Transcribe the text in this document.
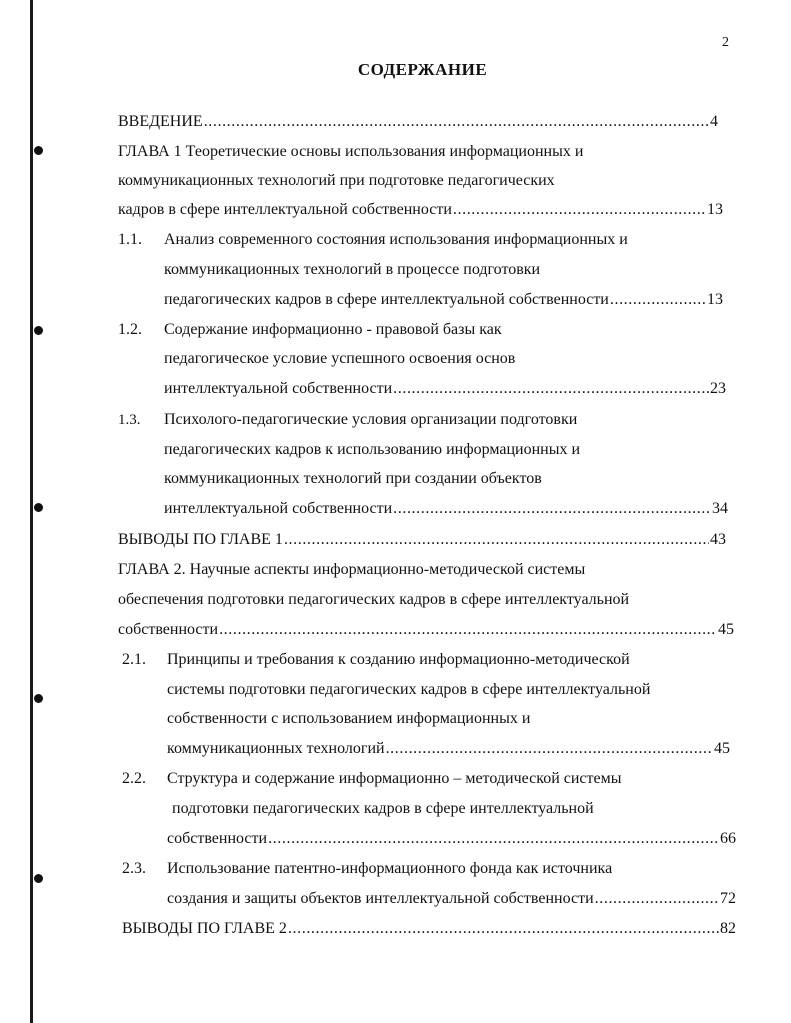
2
СОДЕРЖАНИЕ
ВВЕДЕНИЕ .....	4
ГЛАВА 1 Теоретические основы использования информационных и
коммуникационных технологий при подготовке педагогических
кадров в сфере интеллектуальной собственности .....	13
1.1. Анализ современного состояния использования информационных и
коммуникационных технологий в процессе подготовки
педагогических кадров в сфере интеллектуальной собственности .....	13
1.2. Содержание информационно - правовой базы как
педагогическое условие успешного освоения основ
интеллектуальной собственности .....	23
1.3. Психолого-педагогические условия организации подготовки
педагогических кадров к использованию информационных и
коммуникационных технологий при создании объектов
интеллектуальной собственности .....	34
ВЫВОДЫ ПО ГЛАВЕ 1 .....	43
ГЛАВА 2. Научные аспекты информационно-методической системы
обеспечения подготовки педагогических кадров в сфере интеллектуальной
собственности .....	45
2.1. Принципы и требования к созданию информационно-методической
системы подготовки педагогических кадров в сфере интеллектуальной
собственности с использованием информационных и
коммуникационных технологий .....	45
2.2. Структура и содержание информационно – методической системы
подготовки педагогических кадров в сфере интеллектуальной
собственности .....	66
2.3. Использование патентно-информационного фонда как источника
создания и защиты объектов интеллектуальной собственности .....	72
ВЫВОДЫ ПО ГЛАВЕ 2 .....	82
